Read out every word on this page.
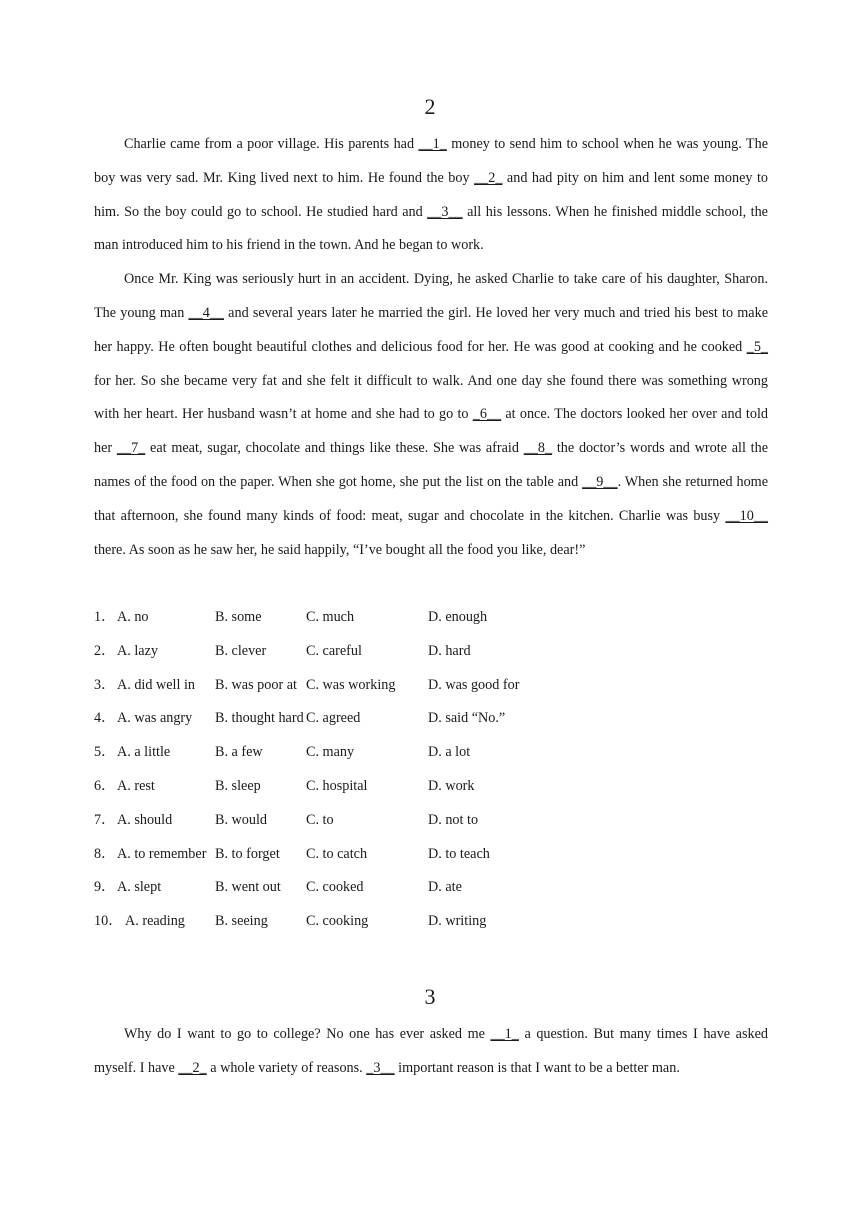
2

Charlie came from a poor village. His parents had __1_ money to send him to school when he was young. The boy was very sad. Mr. King lived next to him. He found the boy __2_ and had pity on him and lent some money to him. So the boy could go to school. He studied hard and __3__ all his lessons. When he finished middle school, the man introduced him to his friend in the town. And he began to work.

Once Mr. King was seriously hurt in an accident. Dying, he asked Charlie to take care of his daughter, Sharon. The young man __4__ and several years later he married the girl. He loved her very much and tried his best to make her happy. He often bought beautiful clothes and delicious food for her. He was good at cooking and he cooked _5_ for her. So she became very fat and she felt it difficult to walk. And one day she found there was something wrong with her heart. Her husband wasn’t at home and she had to go to _6__ at once. The doctors looked her over and told her __7_ eat meat, sugar, chocolate and things like these. She was afraid __8_ the doctor’s words and wrote all the names of the food on the paper. When she got home, she put the list on the table and __9__. When she returned home that afternoon, she found many kinds of food: meat, sugar and chocolate in the kitchen. Charlie was busy __10__ there. As soon as he saw her, he said happily, “I’ve bought all the food you like, dear!”

1． A. no	B. some	C. much	D. enough
2． A. lazy	B. clever	C. careful	D. hard
3． A. did well in B. was poor at C. was working D. was good for
4． A. was angry B. thought hard C. agreed	D. said “No.”
5． A. a little	B. a few	C. many	D. a lot
6． A. rest	B. sleep	C. hospital	D. work
7． A. should	B. would	C. to	D. not to
8． A. to remember B. to forget C. to catch	D. to teach
9． A. slept	B. went out C. cooked	D. ate
10． A. reading B. seeing	C. cooking	D. writing
3

Why do I want to go to college? No one has ever asked me __1_ a question. But many times I have asked myself. I have __2_ a whole variety of reasons. _3__ important reason is that I want to be a better man.
